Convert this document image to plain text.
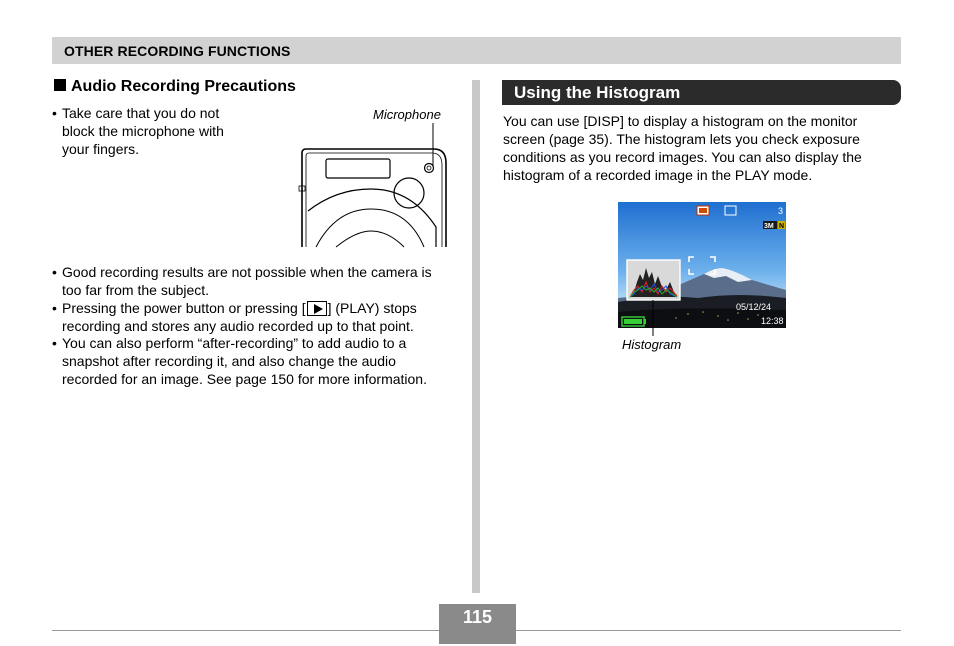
OTHER RECORDING FUNCTIONS
Audio Recording Precautions
• Take care that you do not block the microphone with your fingers.
Microphone
• Good recording results are not possible when the camera is too far from the subject.
• Pressing the power button or pressing [ ] (PLAY) stops recording and stores any audio recorded up to that point.
• You can also perform “after-recording” to add audio to a snapshot after recording it, and also change the audio recorded for an image. See page 150 for more information.
Using the Histogram
You can use [DISP] to display a histogram on the monitor screen (page 35). The histogram lets you check exposure conditions as you record images. You can also display the histogram of a recorded image in the PLAY mode.
3
3M N
05/12/24
12:38
Histogram
115
